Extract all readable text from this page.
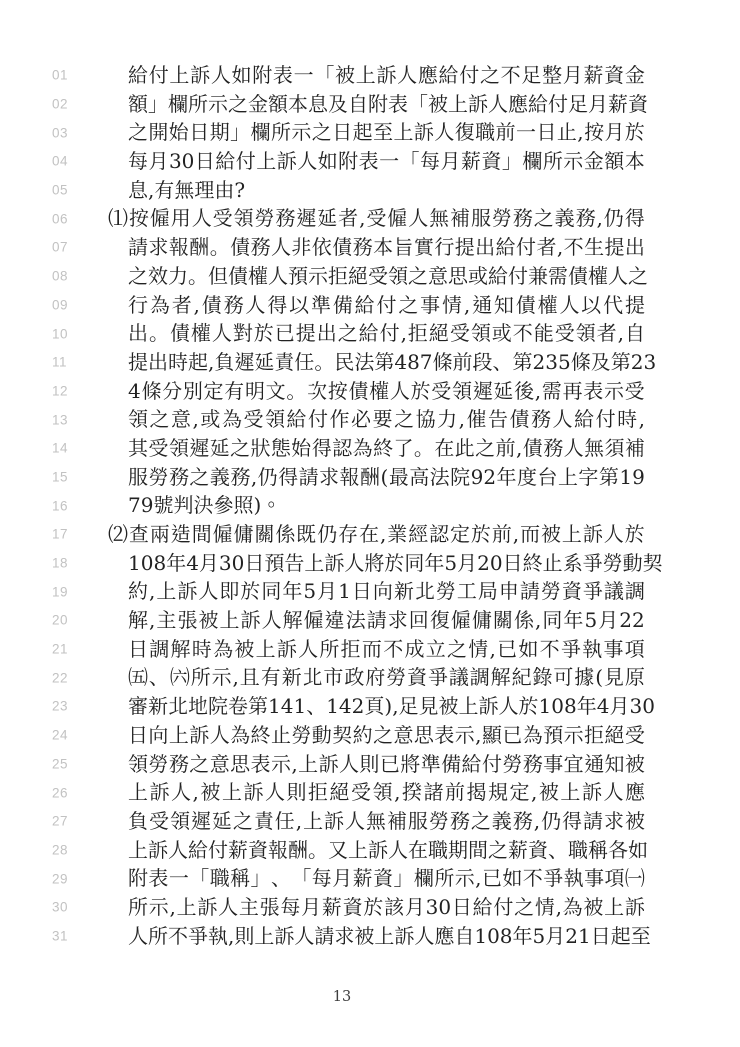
01	給 付 上 訴 人 如 附 表 一 「 被 上 訴 人 應 給 付 之 不 足 整 月 薪 資 金
02	額 」 欄 所 示 之 金 額 本 息 及 自 附 表 「 被 上 訴 人 應 給 付 足 月 薪 資
03	之 開 始 日 期 」 欄 所 示 之 日 起 至 上 訴 人 復 職 前 一 日 止 , 按 月 於
04	每 月 30 日 給 付 上 訴 人 如 附 表 一 「 每 月 薪 資 」 欄 所 示 金 額 本
05	息,有無理由?
06 ⑴ 按 僱 用 人 受 領 勞 務 遲 延 者 , 受 僱 人 無 補 服 勞 務 之 義 務 , 仍 得
07	請 求 報 酬 。 債 務 人 非 依 債 務 本 旨 實 行 提 出 給 付 者 , 不 生 提 出
08	之 效 力 。 但 債 權 人 預 示 拒 絕 受 領 之 意 思 或 給 付 兼 需 債 權 人 之
09	行 為 者 , 債 務 人 得 以 準 備 給 付 之 事 情 , 通 知 債 權 人 以 代 提
10	出 。 債 權 人 對 於 已 提 出 之 給 付 , 拒 絕 受 領 或 不 能 受 領 者 , 自
11	提 出 時 起 , 負 遲 延 責 任 。 民 法 第 487 條 前 段 、 第 235 條 及 第 23
12	4 條 分 別 定 有 明 文 。 次 按 債 權 人 於 受 領 遲 延 後 , 需 再 表 示 受
13	領 之 意 , 或 為 受 領 給 付 作 必 要 之 協 力 , 催 告 債 務 人 給 付 時 ,
14	其 受 領 遲 延 之 狀 態 始 得 認 為 終 了 。 在 此 之 前 , 債 務 人 無 須 補
15	服 勞 務 之 義 務 , 仍 得 請 求 報 酬 ( 最 高 法 院 92 年 度 台 上 字 第 19
16	79號判決參照)。
17 ⑵ 查 兩 造 間 僱 傭 關 係 既 仍 存 在 , 業 經 認 定 於 前 , 而 被 上 訴 人 於
18	108 年 4 月 30 日 預 告 上 訴 人 將 於 同 年 5 月 20 日 終 止 系 爭 勞 動 契
19	約 , 上 訴 人 即 於 同 年 5 月 1 日 向 新 北 勞 工 局 申 請 勞 資 爭 議 調
20	解 , 主 張 被 上 訴 人 解 僱 違 法 請 求 回 復 僱 傭 關 係 , 同 年 5 月 22
21	日 調 解 時 為 被 上 訴 人 所 拒 而 不 成 立 之 情 , 已 如 不 爭 執 事 項
22	㈤ 、 ㈥ 所 示 , 且 有 新 北 市 政 府 勞 資 爭 議 調 解 紀 錄 可 據 ( 見 原
23	審 新 北 地 院 卷 第 141 、 142 頁 ) , 足 見 被 上 訴 人 於 108 年 4 月 30
24	日 向 上 訴 人 為 終 止 勞 動 契 約 之 意 思 表 示 , 顯 已 為 預 示 拒 絕 受
25	領 勞 務 之 意 思 表 示 , 上 訴 人 則 已 將 準 備 給 付 勞 務 事 宜 通 知 被
26	上 訴 人 , 被 上 訴 人 則 拒 絕 受 領 , 揆 諸 前 揭 規 定 , 被 上 訴 人 應
27	負 受 領 遲 延 之 責 任 , 上 訴 人 無 補 服 勞 務 之 義 務 , 仍 得 請 求 被
28	上 訴 人 給 付 薪 資 報 酬 。 又 上 訴 人 在 職 期 間 之 薪 資 、 職 稱 各 如
29	附 表 一 「 職 稱 」 、 「 每 月 薪 資 」 欄 所 示 , 已 如 不 爭 執 事 項 ㈠
30	所 示 , 上 訴 人 主 張 每 月 薪 資 於 該 月 30 日 給 付 之 情 , 為 被 上 訴
31	人 所 不 爭 執 , 則 上 訴 人 請 求 被 上 訴 人 應 自 108 年 5 月 21 日 起 至
13
